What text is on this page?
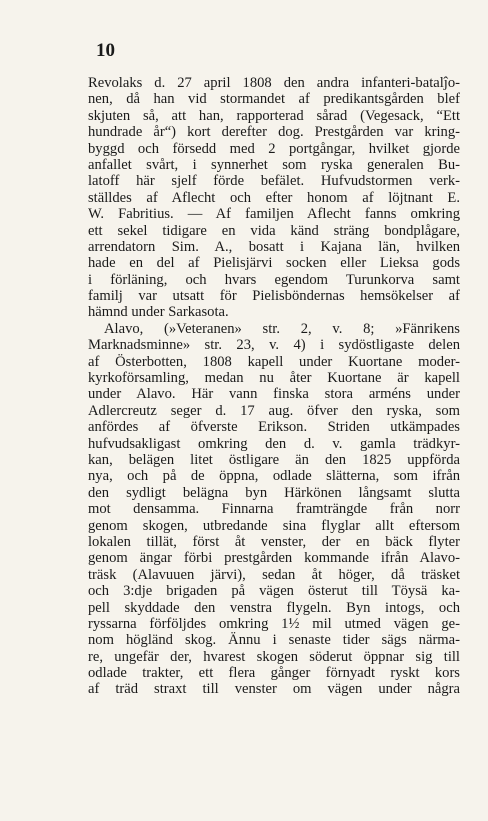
10
Revolaks d. 27 april 1808 den andra infanteri-batalĵo-
nen, då han vid stormandet af predikantsgården blef
skjuten så, att han, rapporterad sårad (Vegesack, “Ett
hundrade år“) kort derefter dog. Prestgården var kring-
byggd och försedd med 2 portgångar, hvilket gjorde
anfallet svårt, i synnerhet som ryska generalen Bu-
latoff här sjelf förde befälet. Hufvudstormen verk-
ställdes af Aflecht och efter honom af löjtnant E.
W. Fabritius. — Af familjen Aflecht fanns omkring
ett sekel tidigare en vida känd sträng bondplågare,
arrendatorn Sim. A., bosatt i Kajana län, hvilken
hade en del af Pielisjärvi socken eller Lieksa gods
i förläning, och hvars egendom Turunkorva samt
familj var utsatt för Pielisböndernas hemsökelser af
hämnd under Sarkasota.
Alavo, (»Veteranen» str. 2, v. 8; »Fänrikens
Marknadsminne» str. 23, v. 4) i sydöstligaste delen
af Österbotten, 1808 kapell under Kuortane moder-
kyrkoförsamling, medan nu åter Kuortane är kapell
under Alavo. Här vann finska stora arméns under
Adlercreutz seger d. 17 aug. öfver den ryska, som
anfördes af öfverste Erikson. Striden utkämpades
hufvudsakligast omkring den d. v. gamla trädkyr-
kan, belägen litet östligare än den 1825 uppförda
nya, och på de öppna, odlade slätterna, som ifrån
den sydligt belägna byn Härkönen långsamt slutta
mot densamma. Finnarna framträngde från norr
genom skogen, utbredande sina flyglar allt eftersom
lokalen tillät, först åt venster, der en bäck flyter
genom ängar förbi prestgården kommande ifrån Alavo-
träsk (Alavuuen järvi), sedan åt höger, då träsket
och 3:dje brigaden på vägen österut till Töysä ka-
pell skyddade den venstra flygeln. Byn intogs, och
ryssarna förföljdes omkring 1½ mil utmed vägen ge-
nom högländ skog. Ännu i senaste tider sägs närma-
re, ungefär der, hvarest skogen söderut öppnar sig till
odlade trakter, ett flera gånger förnyadt ryskt kors
af träd straxt till venster om vägen under några
